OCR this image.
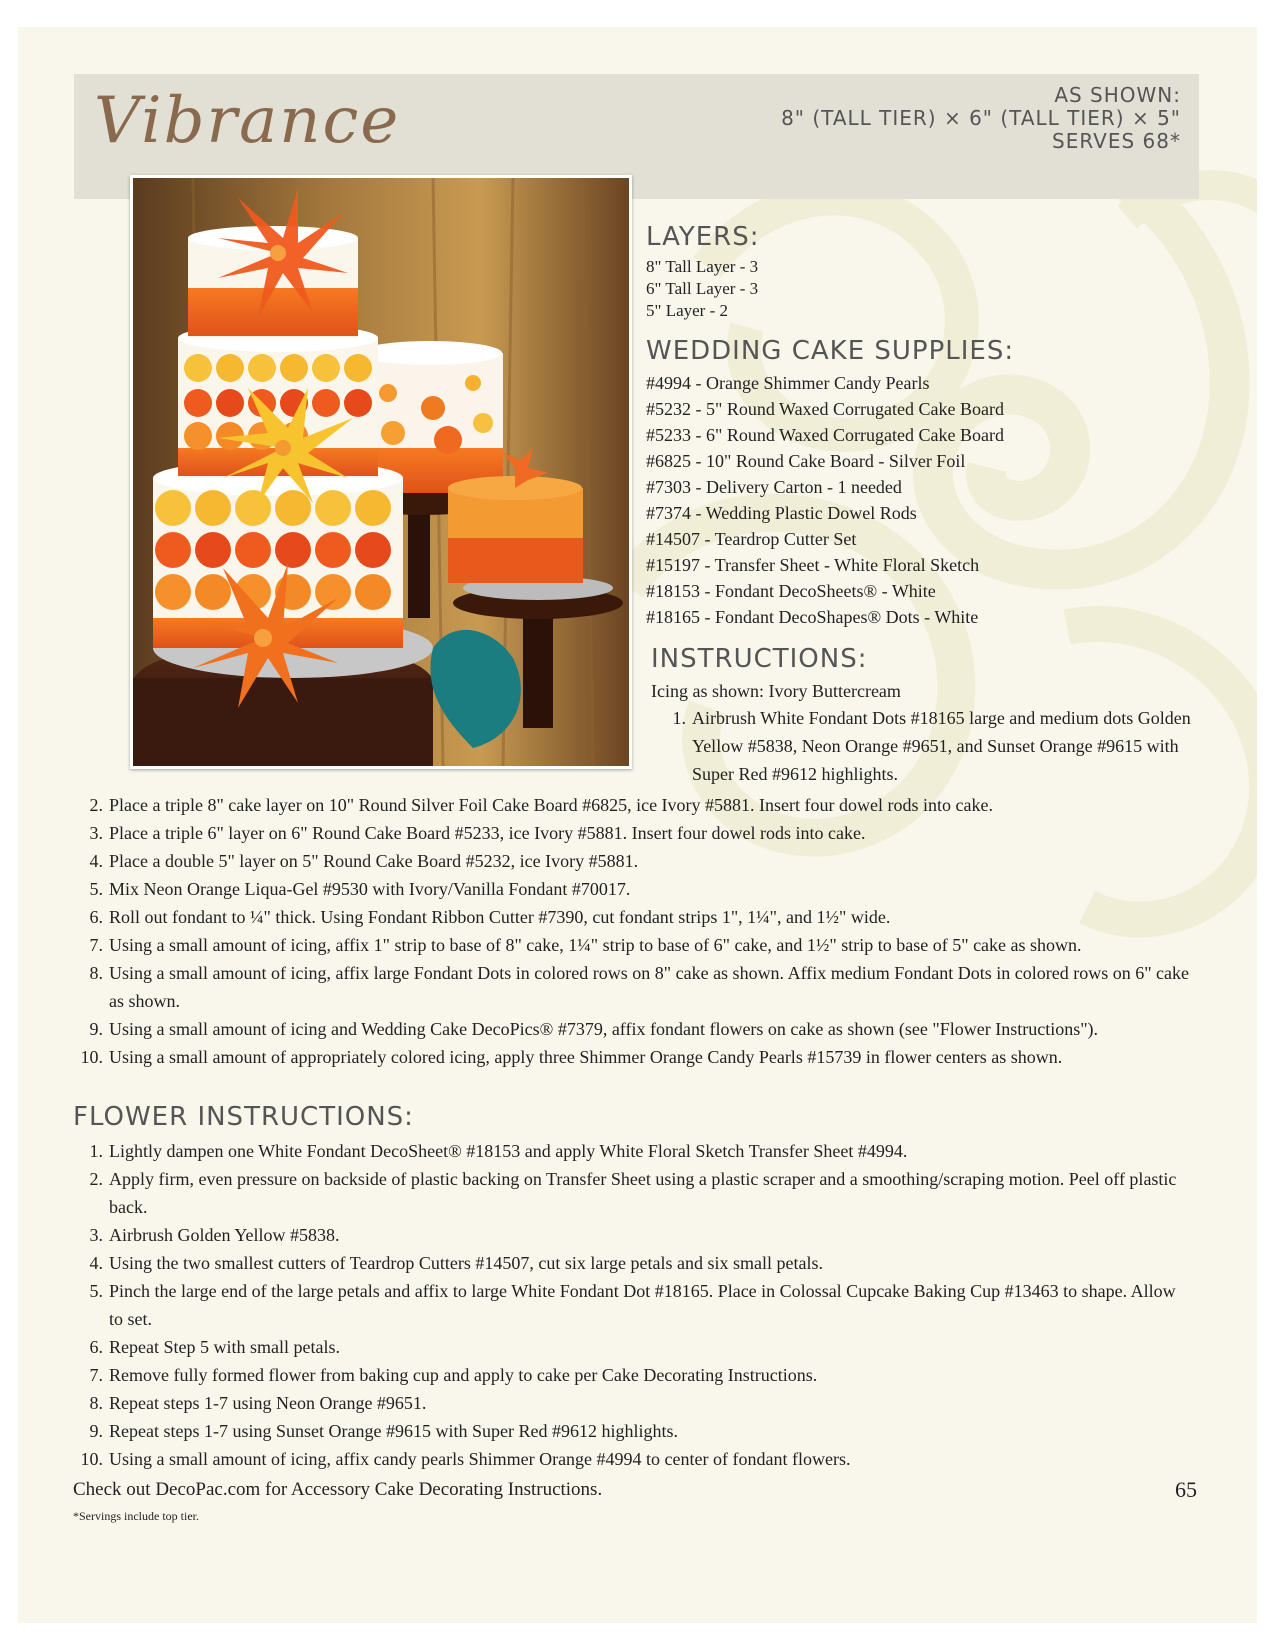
Vibrance	AS SHOWN:
8" (TALL TIER) × 6" (TALL TIER) × 5"
SERVES 68*
LAYERS:
8" Tall Layer - 3
6" Tall Layer - 3
5" Layer - 2
WEDDING CAKE SUPPLIES:
#4994 - Orange Shimmer Candy Pearls
#5232 - 5" Round Waxed Corrugated Cake Board
#5233 - 6" Round Waxed Corrugated Cake Board
#6825 - 10" Round Cake Board - Silver Foil
#7303 - Delivery Carton - 1 needed
#7374 - Wedding Plastic Dowel Rods
#14507 - Teardrop Cutter Set
#15197 - Transfer Sheet - White Floral Sketch
#18153 - Fondant DecoSheets® - White
#18165 - Fondant DecoShapes® Dots - White
INSTRUCTIONS:
Icing as shown: Ivory Buttercream
1. Airbrush White Fondant Dots #18165 large and medium dots Golden Yellow #5838, Neon Orange #9651, and Sunset Orange #9615 with Super Red #9612 highlights.
2. Place a triple 8" cake layer on 10" Round Silver Foil Cake Board #6825, ice Ivory #5881. Insert four dowel rods into cake.
3. Place a triple 6" layer on 6" Round Cake Board #5233, ice Ivory #5881. Insert four dowel rods into cake.
4. Place a double 5" layer on 5" Round Cake Board #5232, ice Ivory #5881.
5. Mix Neon Orange Liqua-Gel #9530 with Ivory/Vanilla Fondant #70017.
6. Roll out fondant to ¼" thick. Using Fondant Ribbon Cutter #7390, cut fondant strips 1", 1¼", and 1½" wide.
7. Using a small amount of icing, affix 1" strip to base of 8" cake, 1¼" strip to base of 6" cake, and 1½" strip to base of 5" cake as shown.
8. Using a small amount of icing, affix large Fondant Dots in colored rows on 8" cake as shown. Affix medium Fondant Dots in colored rows on 6" cake as shown.
9. Using a small amount of icing and Wedding Cake DecoPics® #7379, affix fondant flowers on cake as shown (see "Flower Instructions").
10. Using a small amount of appropriately colored icing, apply three Shimmer Orange Candy Pearls #15739 in flower centers as shown.
FLOWER INSTRUCTIONS:
1. Lightly dampen one White Fondant DecoSheet® #18153 and apply White Floral Sketch Transfer Sheet #4994.
2. Apply firm, even pressure on backside of plastic backing on Transfer Sheet using a plastic scraper and a smoothing/scraping motion. Peel off plastic back.
3. Airbrush Golden Yellow #5838.
4. Using the two smallest cutters of Teardrop Cutters #14507, cut six large petals and six small petals.
5. Pinch the large end of the large petals and affix to large White Fondant Dot #18165. Place in Colossal Cupcake Baking Cup #13463 to shape. Allow to set.
6. Repeat Step 5 with small petals.
7. Remove fully formed flower from baking cup and apply to cake per Cake Decorating Instructions.
8. Repeat steps 1-7 using Neon Orange #9651.
9. Repeat steps 1-7 using Sunset Orange #9615 with Super Red #9612 highlights.
10. Using a small amount of icing, affix candy pearls Shimmer Orange #4994 to center of fondant flowers.
Check out DecoPac.com for Accessory Cake Decorating Instructions.
*Servings include top tier.
65
